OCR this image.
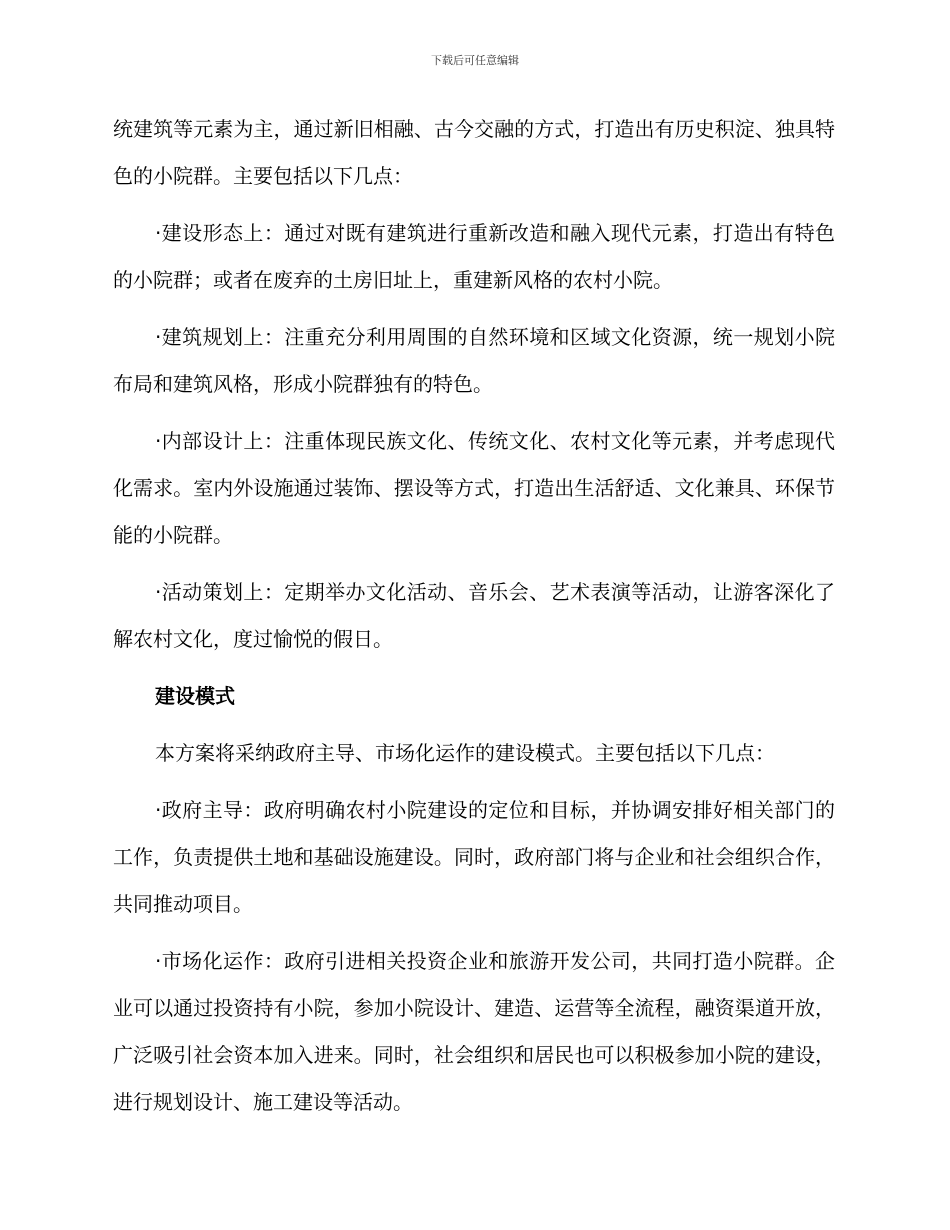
下载后可任意编辑

统建筑等元素为主，通过新旧相融、古今交融的方式，打造出有历史积淀、独具特色的小院群。主要包括以下几点：

·建设形态上：通过对既有建筑进行重新改造和融入现代元素，打造出有特色的小院群；或者在废弃的土房旧址上，重建新风格的农村小院。

·建筑规划上：注重充分利用周围的自然环境和区域文化资源，统一规划小院布局和建筑风格，形成小院群独有的特色。

·内部设计上：注重体现民族文化、传统文化、农村文化等元素，并考虑现代化需求。室内外设施通过装饰、摆设等方式，打造出生活舒适、文化兼具、环保节能的小院群。

·活动策划上：定期举办文化活动、音乐会、艺术表演等活动，让游客深化了解农村文化，度过愉悦的假日。

建设模式

本方案将采纳政府主导、市场化运作的建设模式。主要包括以下几点：

·政府主导：政府明确农村小院建设的定位和目标，并协调安排好相关部门的工作，负责提供土地和基础设施建设。同时，政府部门将与企业和社会组织合作，共同推动项目。

·市场化运作：政府引进相关投资企业和旅游开发公司，共同打造小院群。企业可以通过投资持有小院，参加小院设计、建造、运营等全流程，融资渠道开放，广泛吸引社会资本加入进来。同时，社会组织和居民也可以积极参加小院的建设，进行规划设计、施工建设等活动。
